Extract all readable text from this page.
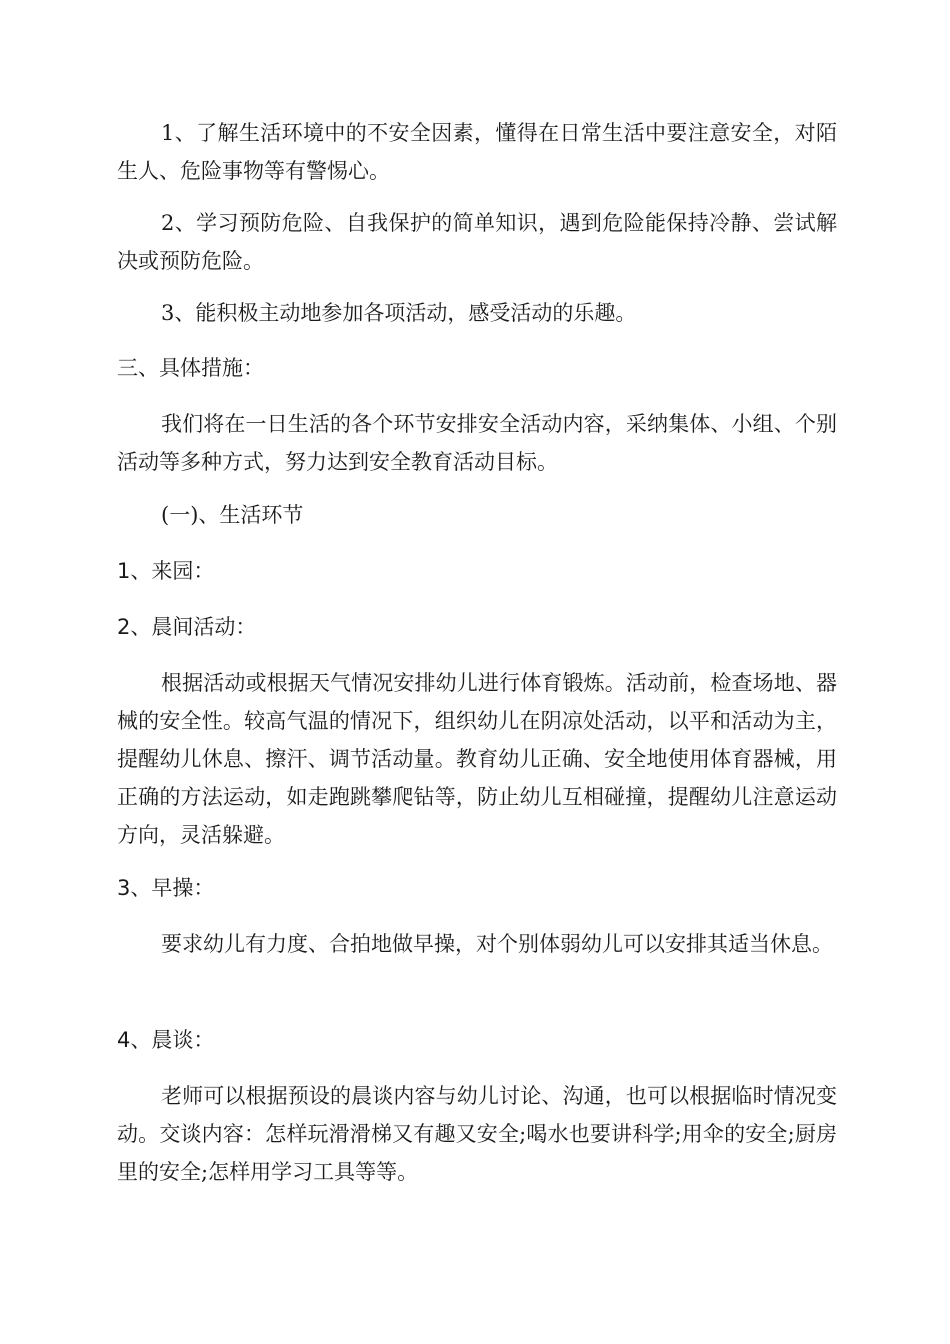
1、了解生活环境中的不安全因素，懂得在日常生活中要注意安全，对陌生人、危险事物等有警惕心。

2、学习预防危险、自我保护的简单知识，遇到危险能保持冷静、尝试解决或预防危险。

3、能积极主动地参加各项活动，感受活动的乐趣。

三、具体措施：

我们将在一日生活的各个环节安排安全活动内容，采纳集体、小组、个别活动等多种方式，努力达到安全教育活动目标。

(一)、生活环节

1、来园：

2、晨间活动：

根据活动或根据天气情况安排幼儿进行体育锻炼。活动前，检查场地、器械的安全性。较高气温的情况下，组织幼儿在阴凉处活动，以平和活动为主，提醒幼儿休息、擦汗、调节活动量。教育幼儿正确、安全地使用体育器械，用正确的方法运动，如走跑跳攀爬钻等，防止幼儿互相碰撞，提醒幼儿注意运动方向，灵活躲避。

3、早操：

要求幼儿有力度、合拍地做早操，对个别体弱幼儿可以安排其适当休息。

4、晨谈：

老师可以根据预设的晨谈内容与幼儿讨论、沟通，也可以根据临时情况变动。交谈内容：怎样玩滑滑梯又有趣又安全;喝水也要讲科学;用伞的安全;厨房里的安全;怎样用学习工具等等。
